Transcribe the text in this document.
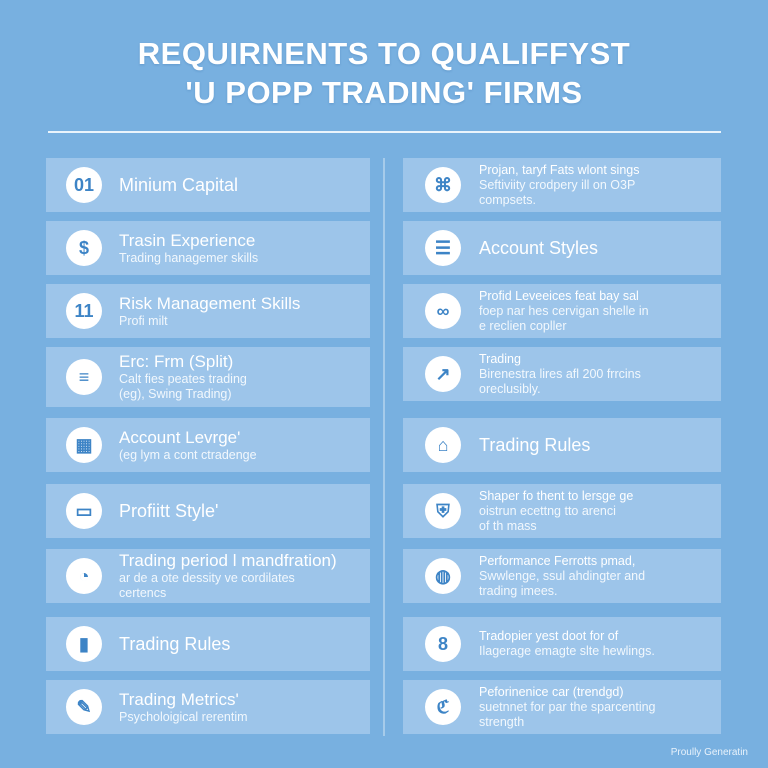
REQUIRNENTS TO QUALIFFYST
'U POPP TRADING' FIRMS
01	Minium Capital
$	Trasin Experience
Trading hanagemer skills
11	Risk Management Skills
Profi milt
≡
Erc: Frm (Split)
Calt fies peates trading
(eg), Swing Trading)
▦	Account Levrge'
(eg lym a cont ctradenge
▭	Profiitt Style'
◔
Trading period l mandfration)
ar de a ote dessity ve cordilates
certencs
▮	Trading Rules
✎	Trading Metrics'
Psycholoigical rerentim
⌘
Projan, taryf Fats wlont sings
Seftiviity crodpery ill on O3P
compsets.
☰	Account Styles
∞
Profid Leveeices feat bay sal
foep nar hes cervigan shelle in
e reclien copller
↗
Trading
Birenestra lires afl 200 frrcins
oreclusibly.
⌂	Trading Rules
⛨
Shaper fo thent to lersge ge
oistrun ecettng tto arenci
of th mass
◍
Performance Ferrotts pmad,
Swwlenge, ssul ahdingter and
trading imees.
8	Tradopier yest doot for of
Ilagerage emagte slte hewlings.
ℭ
Peforinenice car (trendgd)
suetnnet for par the sparcenting
strength
Proully Generatin
